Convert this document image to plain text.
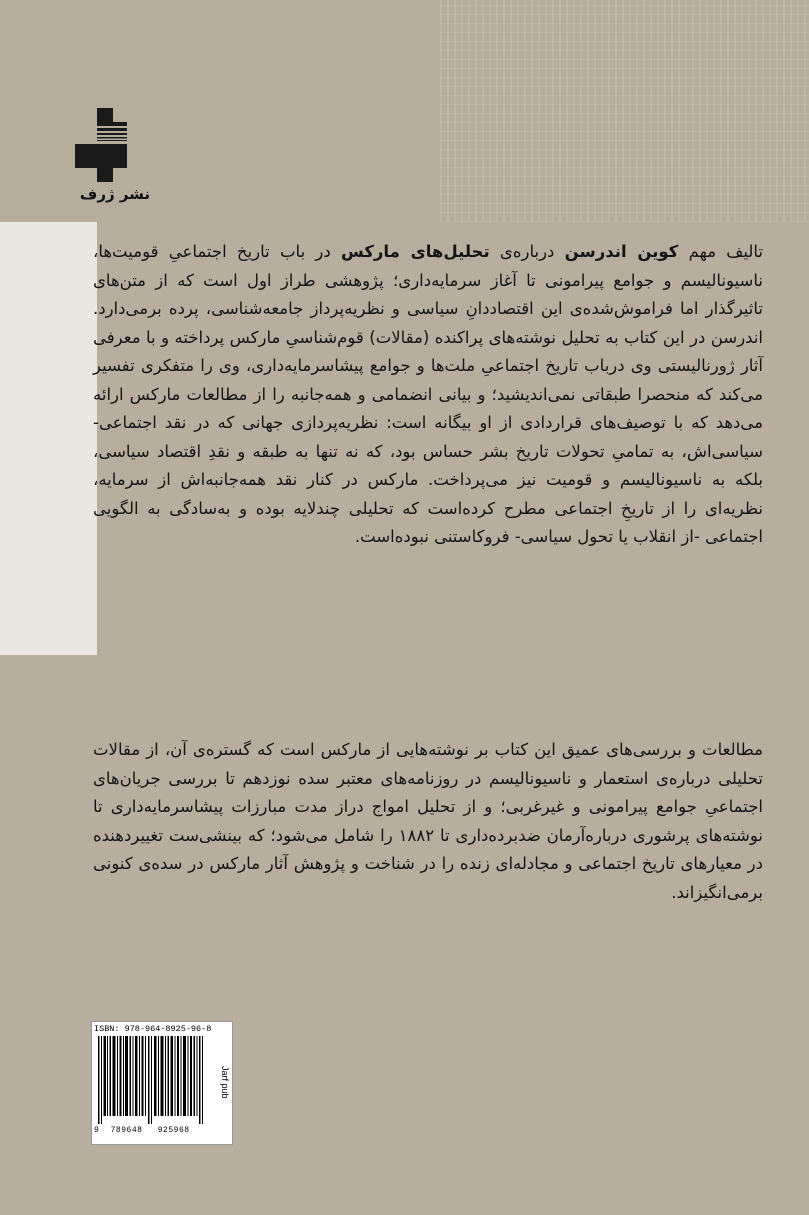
نشر ژرف

تالیف مهم کوین اندرسن درباره‌ی تحلیل‌های مارکس در باب تاریخ اجتماعیِ قومیت‌ها، ناسیونالیسم و جوامع پیرامونی تا آغاز سرمایه‌داری؛ پژوهشی طراز اول است که از متن‌های تاثیرگذار اما فراموش‌شده‌ی این اقتصاددانِ سیاسی و نظریه‌پرداز جامعه‌شناسی، پرده برمی‌دارد. اندرسن در این کتاب به تحلیل نوشته‌های پراکنده (مقالات) قوم‌شناسیِ مارکس پرداخته و با معرفی آثار ژورنالیستی وی درباب تاریخ اجتماعیِ ملت‌ها و جوامع پیشاسرمایه‌داری، وی را متفکری تفسیر می‌کند که منحصرا طبقاتی نمی‌اندیشید؛ و بیانی انضمامی و همه‌جانبه را از مطالعات مارکس ارائه می‌دهد که با توصیف‌های قراردادی از او بیگانه است: نظریه‌پردازی جهانی که در نقد اجتماعی-سیاسی‌اش، به تمامیِ تحولات تاریخ بشر حساس بود، که نه تنها به طبقه و نقدِ اقتصاد سیاسی، بلکه به ناسیونالیسم و قومیت نیز می‌پرداخت. مارکس در کنار نقد همه‌جانبه‌اش از سرمایه، نظریه‌ای را از تاریخِ اجتماعی مطرح کرده‌است که تحلیلی چندلایه بوده و به‌سادگی به الگویی اجتماعی -از انقلاب یا تحول سیاسی- فروکاستنی نبوده‌است.

مطالعات و بررسی‌های عمیق این کتاب بر نوشته‌هایی از مارکس است که گستره‌ی آن، از مقالات تحلیلی درباره‌ی استعمار و ناسیونالیسم در روزنامه‌های معتبر سده نوزدهم تا بررسی جریان‌های اجتماعیِ جوامع پیرامونی و غیرغربی؛ و از تحلیل امواج دراز مدت مبارزات پیشاسرمایه‌داری تا نوشته‌های پرشوری درباره‌آرمان ضدبرده‌داری تا ۱۸۸۲ را شامل می‌شود؛ که بینشی‌ست تغییردهنده در معیارهای تاریخ اجتماعی و مجادله‌ای زنده را در شناخت و پژوهش آثار مارکس در سده‌ی کنونی برمی‌انگیزاند.

ISBN: 978-964-8925-96-8
9 789648 925968
Jarf pub
